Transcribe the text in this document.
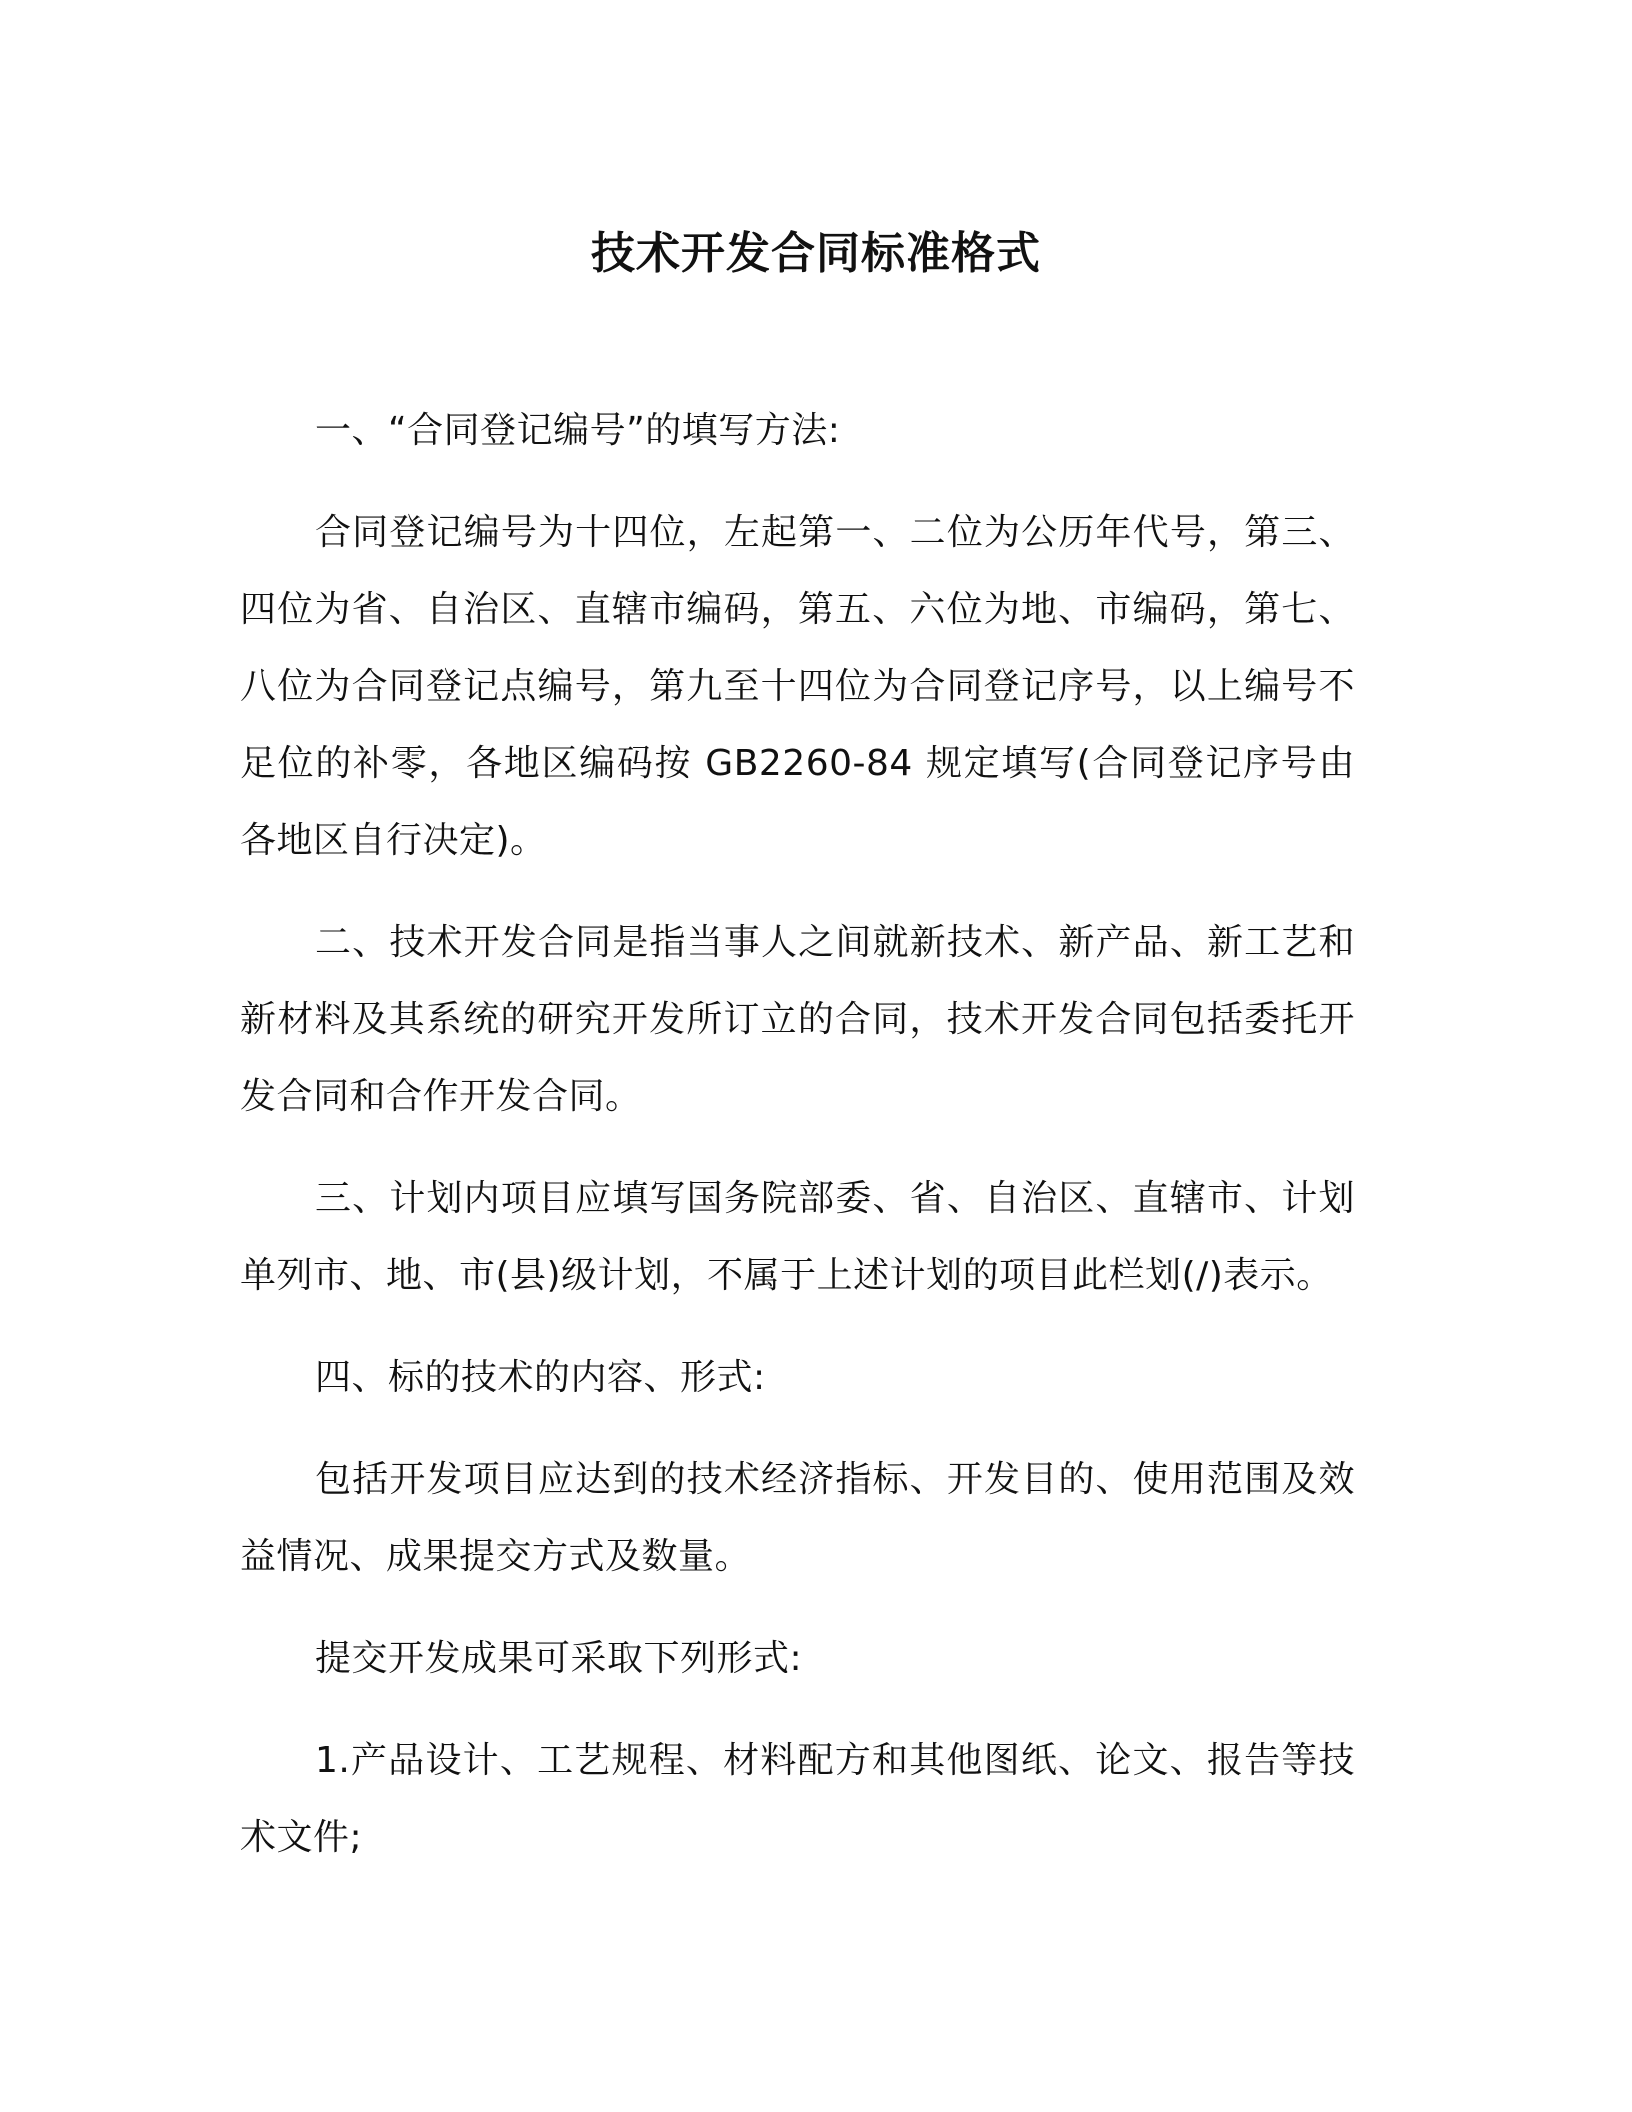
技术开发合同标准格式

一、“合同登记编号”的填写方法:

合同登记编号为十四位，左起第一、二位为公历年代号，第三、四位为省、自治区、直辖市编码，第五、六位为地、市编码，第七、八位为合同登记点编号，第九至十四位为合同登记序号，以上编号不足位的补零，各地区编码按 GB2260-84 规定填写(合同登记序号由各地区自行决定)。

二、技术开发合同是指当事人之间就新技术、新产品、新工艺和新材料及其系统的研究开发所订立的合同，技术开发合同包括委托开发合同和合作开发合同。

三、计划内项目应填写国务院部委、省、自治区、直辖市、计划单列市、地、市(县)级计划，不属于上述计划的项目此栏划(/)表示。

四、标的技术的内容、形式:

包括开发项目应达到的技术经济指标、开发目的、使用范围及效益情况、成果提交方式及数量。

提交开发成果可采取下列形式:

1.产品设计、工艺规程、材料配方和其他图纸、论文、报告等技术文件;
